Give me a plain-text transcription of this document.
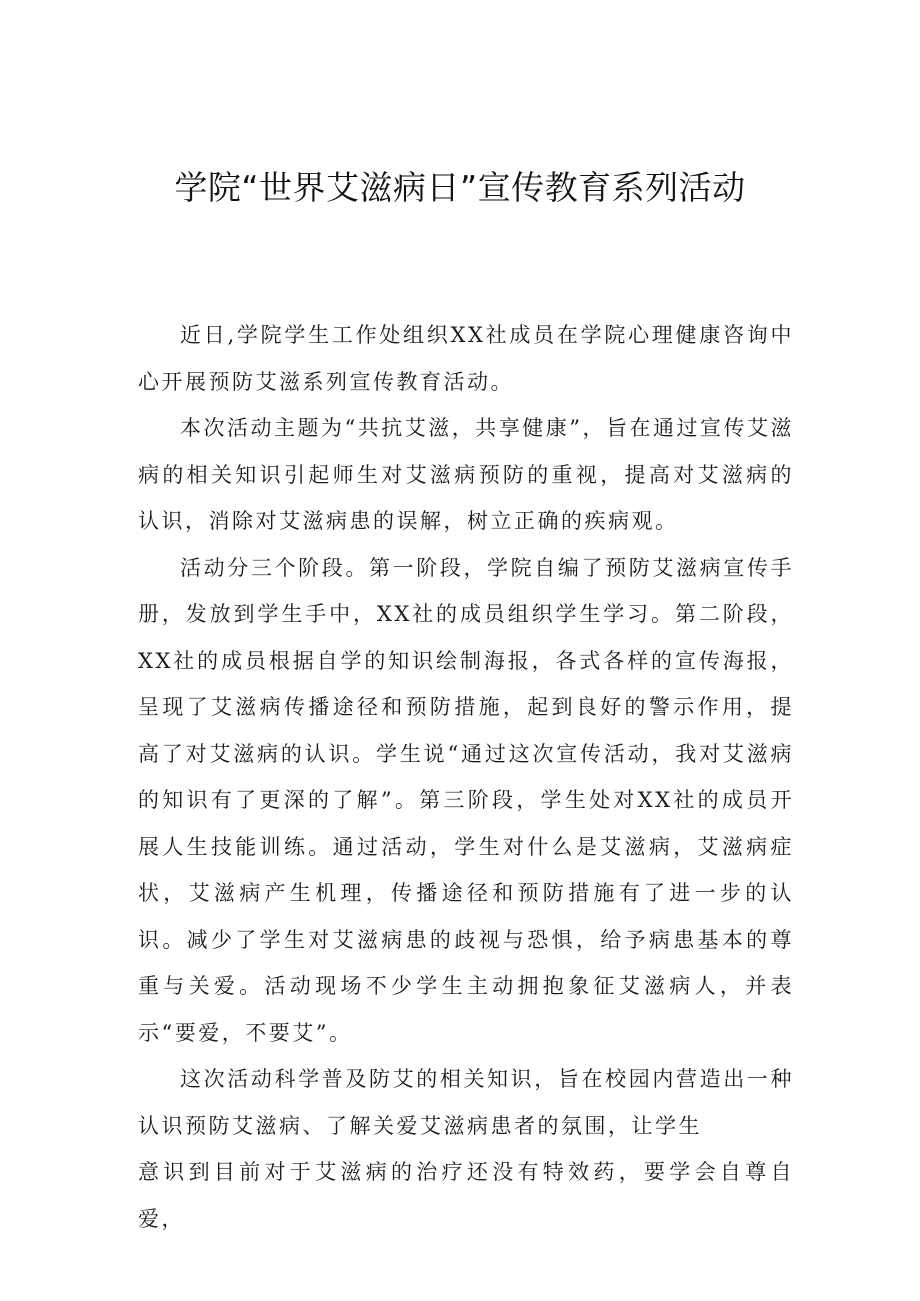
学院“世界艾滋病日”宣传教育系列活动

近日,学院学生工作处组织XX社成员在学院心理健康咨询中心开展预防艾滋系列宣传教育活动。

本次活动主题为“共抗艾滋，共享健康”，旨在通过宣传艾滋病的相关知识引起师生对艾滋病预防的重视，提高对艾滋病的认识，消除对艾滋病患的误解，树立正确的疾病观。

活动分三个阶段。第一阶段，学院自编了预防艾滋病宣传手册，发放到学生手中，XX社的成员组织学生学习。第二阶段，XX社的成员根据自学的知识绘制海报，各式各样的宣传海报，呈现了艾滋病传播途径和预防措施，起到良好的警示作用，提高了对艾滋病的认识。学生说“通过这次宣传活动，我对艾滋病的知识有了更深的了解”。第三阶段，学生处对XX社的成员开展人生技能训练。通过活动，学生对什么是艾滋病，艾滋病症状，艾滋病产生机理，传播途径和预防措施有了进一步的认识。减少了学生对艾滋病患的歧视与恐惧，给予病患基本的尊重与关爱。活动现场不少学生主动拥抱象征艾滋病人，并表示“要爱，不要艾”。

这次活动科学普及防艾的相关知识，旨在校园内营造出一种认识预防艾滋病、了解关爱艾滋病患者的氛围，让学生

意识到目前对于艾滋病的治疗还没有特效药，要学会自尊自爱，
